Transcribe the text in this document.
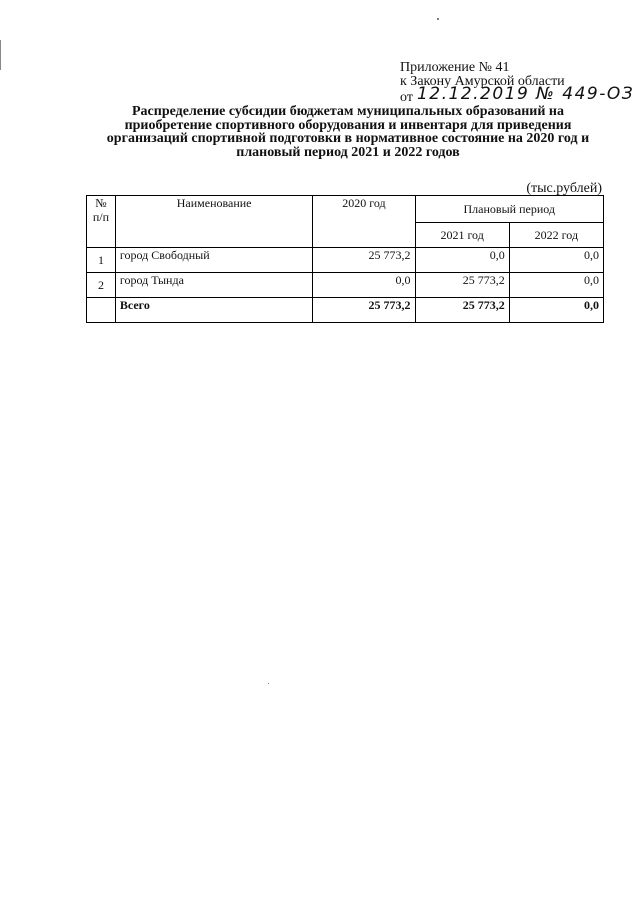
Приложение № 41
к Закону Амурской области
от 12.12.2019 № 449-ОЗ
Распределение субсидии бюджетам муниципальных образований на приобретение спортивного оборудования и инвентаря для приведения организаций спортивной подготовки в нормативное состояние на 2020 год и плановый период 2021 и 2022 годов
(тыс.рублей)
№ п/п	Наименование	2020 год	Плановый период	
			2021 год	2022 год
1	город Свободный	25 773,2	0,0	0,0
2	город Тында	0,0	25 773,2	0,0
	Всего	25 773,2	25 773,2	0,0
